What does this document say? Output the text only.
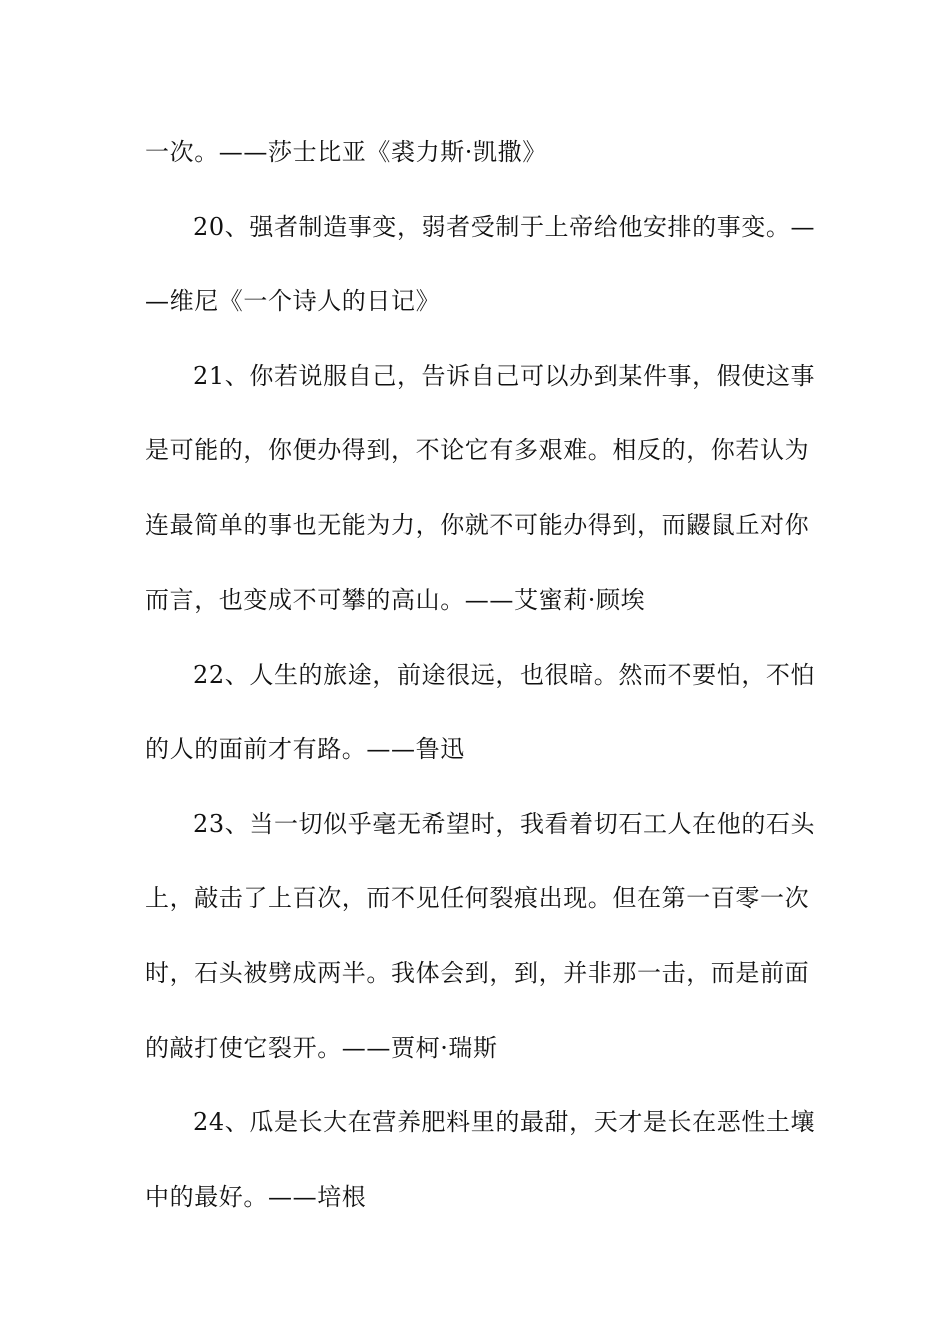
一次。——莎士比亚《裘力斯·凯撒》
20、强者制造事变，弱者受制于上帝给他安排的事变。—
—维尼《一个诗人的日记》
21、你若说服自己，告诉自己可以办到某件事，假使这事
是可能的，你便办得到，不论它有多艰难。相反的，你若认为
连最简单的事也无能为力，你就不可能办得到，而鼹鼠丘对你
而言，也变成不可攀的高山。——艾蜜莉·顾埃
22、人生的旅途，前途很远，也很暗。然而不要怕，不怕
的人的面前才有路。——鲁迅
23、当一切似乎毫无希望时，我看着切石工人在他的石头
上，敲击了上百次，而不见任何裂痕出现。但在第一百零一次
时，石头被劈成两半。我体会到，到，并非那一击，而是前面
的敲打使它裂开。——贾柯·瑞斯
24、瓜是长大在营养肥料里的最甜，天才是长在恶性土壤
中的最好。——培根
